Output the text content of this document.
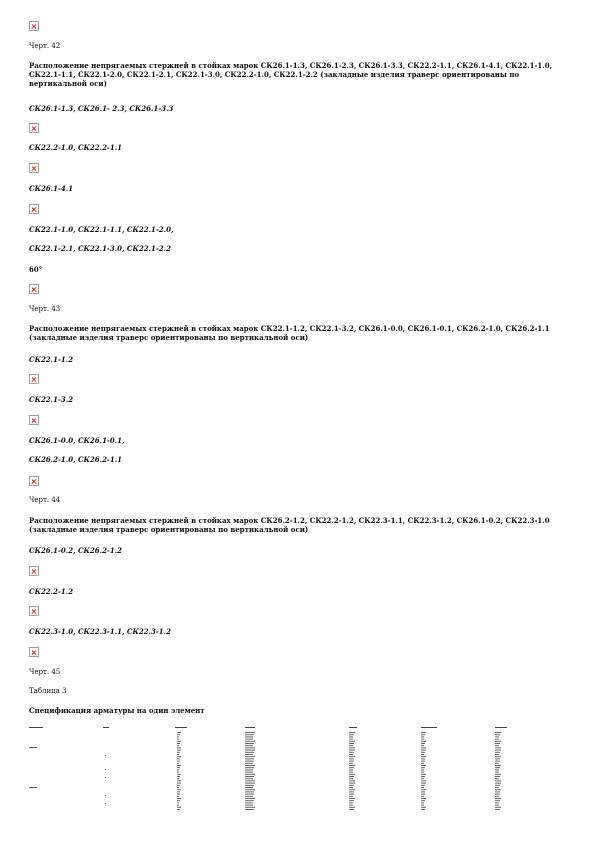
Черт. 42
Расположение непрягаемых стержней в стойках марок СК26.1-1.3, СК26.1-2.3, СК26.1-3.3, СК22.2-1.1, СК26.1-4.1, СК22.1-1.0, СК22.1-1.1, СК22.1-2.0, СК22.1-2.1, СК22.1-3.0, СК22.2-1.0, СК22.1-2.2 (закладные изделия траверс ориентированы по вертикальной оси)
СК26.1-1.3, СК26.1- 2.3, СК26.1-3.3
СК22.2-1.0, СК22.2-1.1
СК26.1-4.1
СК22.1-1.0, СК22.1-1.1, СК22.1-2.0,
СК22.1-2.1, СК22.1-3.0, СК22.1-2.2
60°
Черт. 43
Расположение непрягаемых стержней в стойках марок СК22.1-1.2, СК22.1-3.2, СК26.1-0.0, СК26.1-0.1, СК26.2-1.0, СК26.2-1.1 (закладные изделия траверс ориентированы по вертикальной оси)
СК22.1-1.2
СК22.1-3.2
СК26.1-0.0, СК26.1-0.1,
СК26.2-1.0, СК26.2-1.1
Черт. 44
Расположение непрягаемых стержней в стойках марок СК26.2-1.2, СК22.2-1.2, СК22.3-1.1, СК22.3-1.2, СК26.1-0.2, СК22.3-1.0 (закладные изделия траверс ориентированы по вертикальной оси)
СК26.1-0.2, СК26.2-1.2
СК22.2-1.2
СК22.3-1.0, СК22.3-1.1, СК22.3-1.2
Черт. 45
Таблица 3
Спецификация арматуры на один элемент
